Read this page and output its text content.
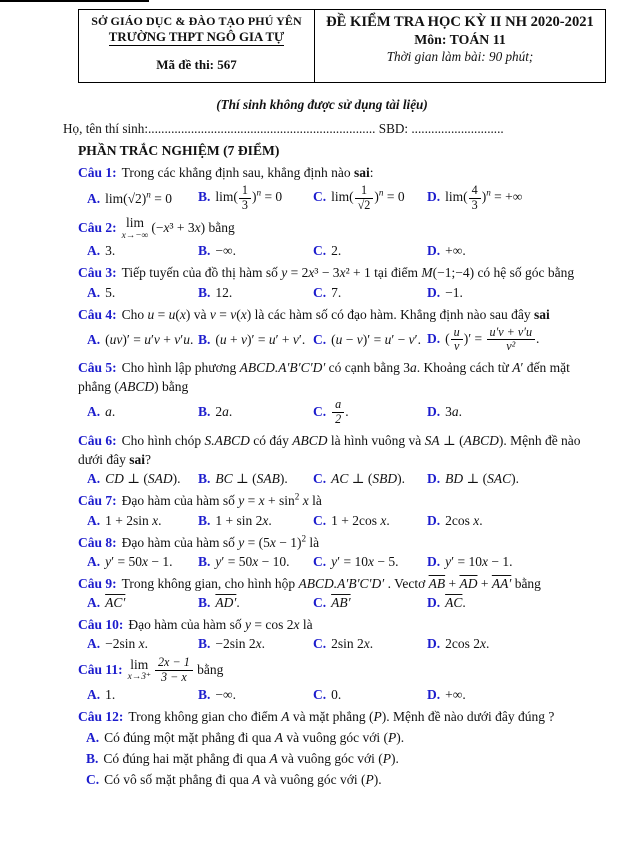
SỞ GIÁO DỤC & ĐÀO TẠO PHÚ YÊN
TRƯỜNG THPT NGÔ GIA TỰ
Mã đề thi: 567
ĐỀ KIỂM TRA HỌC KỲ II NH 2020-2021
Môn: TOÁN 11
Thời gian làm bài: 90 phút;
(Thí sinh không được sử dụng tài liệu)
Họ, tên thí sinh:..................................................................... SBD: ............................
PHẦN TRẮC NGHIỆM (7 ĐIỂM)
Câu 1: Trong các khẳng định sau, khẳng định nào sai:
A. $\lim(√2)^n = 0$	B. $\lim( \frac{1}{3} )^n = 0$	C. $\lim( \frac{1}{√2} )^n = 0$	D. $\lim( \frac{4}{3} )^n$ = +∞
Câu 2: lim
x→−∞
(−x³ + 3x) bằng
A. 3.	B. −∞.	C. 2.	D. +∞.
Câu 3: Tiếp tuyến của đồ thị hàm số y = 2x³ − 3x² + 1 tại điểm M(−1;−4) có hệ số góc bằng
A. 5.	B. 12.	C. 7.	D. −1.
Câu 4: Cho u = u(x) và v = v(x) là các hàm số có đạo hàm. Khẳng định nào sau đây sai
A. (uv)′ = u′v + v′u. B. (u + v)′ = u′ + v′. C. (u − v)′ = u′ − v′. D. ( $\frac{u}{v}$ )′ = $\frac{u'v + v'u}{\text{v²}}$ .
Câu 5: Cho hình lập phương ABCD.A′B′C′D′ có cạnh bằng 3a. Khoảng cách từ A′ đến mặt phẳng (ABCD) bằng
A. a.	B. 2a.	C. $\frac{a}{2}$ .	D. 3a.
Câu 6: Cho hình chóp S.ABCD có đáy ABCD là hình vuông và SA ⊥ (ABCD). Mệnh đề nào dưới đây sai?
A. CD ⊥ (SAD).	B. BC ⊥ (SAB).	C. AC ⊥ (SBD).	D. BD ⊥ (SAC).
Câu 7: Đạo hàm của hàm số $y = x + \sin^2 x$ là
A. 1 + 2sin x.	B. 1 + sin 2x.	C. 1 + 2cos x.	D. 2cos x.
Câu 8: Đạo hàm của hàm số $y = (5x - 1)^2$ là
A. y′ = 50x − 1.	B. y′ = 50x − 10.	C. y′ = 10x − 5.	D. y′ = 10x − 1.
Câu 9: Trong không gian, cho hình hộp ABCD.A′B′C′D′ . Vectơ $\overline{AB} + \overline{AD} + AA'$ bằng
A. AC′	B. AD′.	C. AB′	D. $\overline{AC}$.
Câu 10: Đạo hàm của hàm số y = cos 2x là
A. −2sin x.	B. −2sin 2x.	C. 2sin 2x.	D. 2cos 2x.
Câu 11: lim
$x\to 3^+ \frac{2x - 1}{3 - x}$ bằng
A. 1.	B. −∞.	C. 0.	D. +∞.
Câu 12: Trong không gian cho điểm A và mặt phẳng (P). Mệnh đề nào dưới đây đúng ?
A. Có đúng một mặt phẳng đi qua A và vuông góc với (P).
B. Có đúng hai mặt phẳng đi qua A và vuông góc với (P).
C. Có vô số mặt phẳng đi qua A và vuông góc với (P).
